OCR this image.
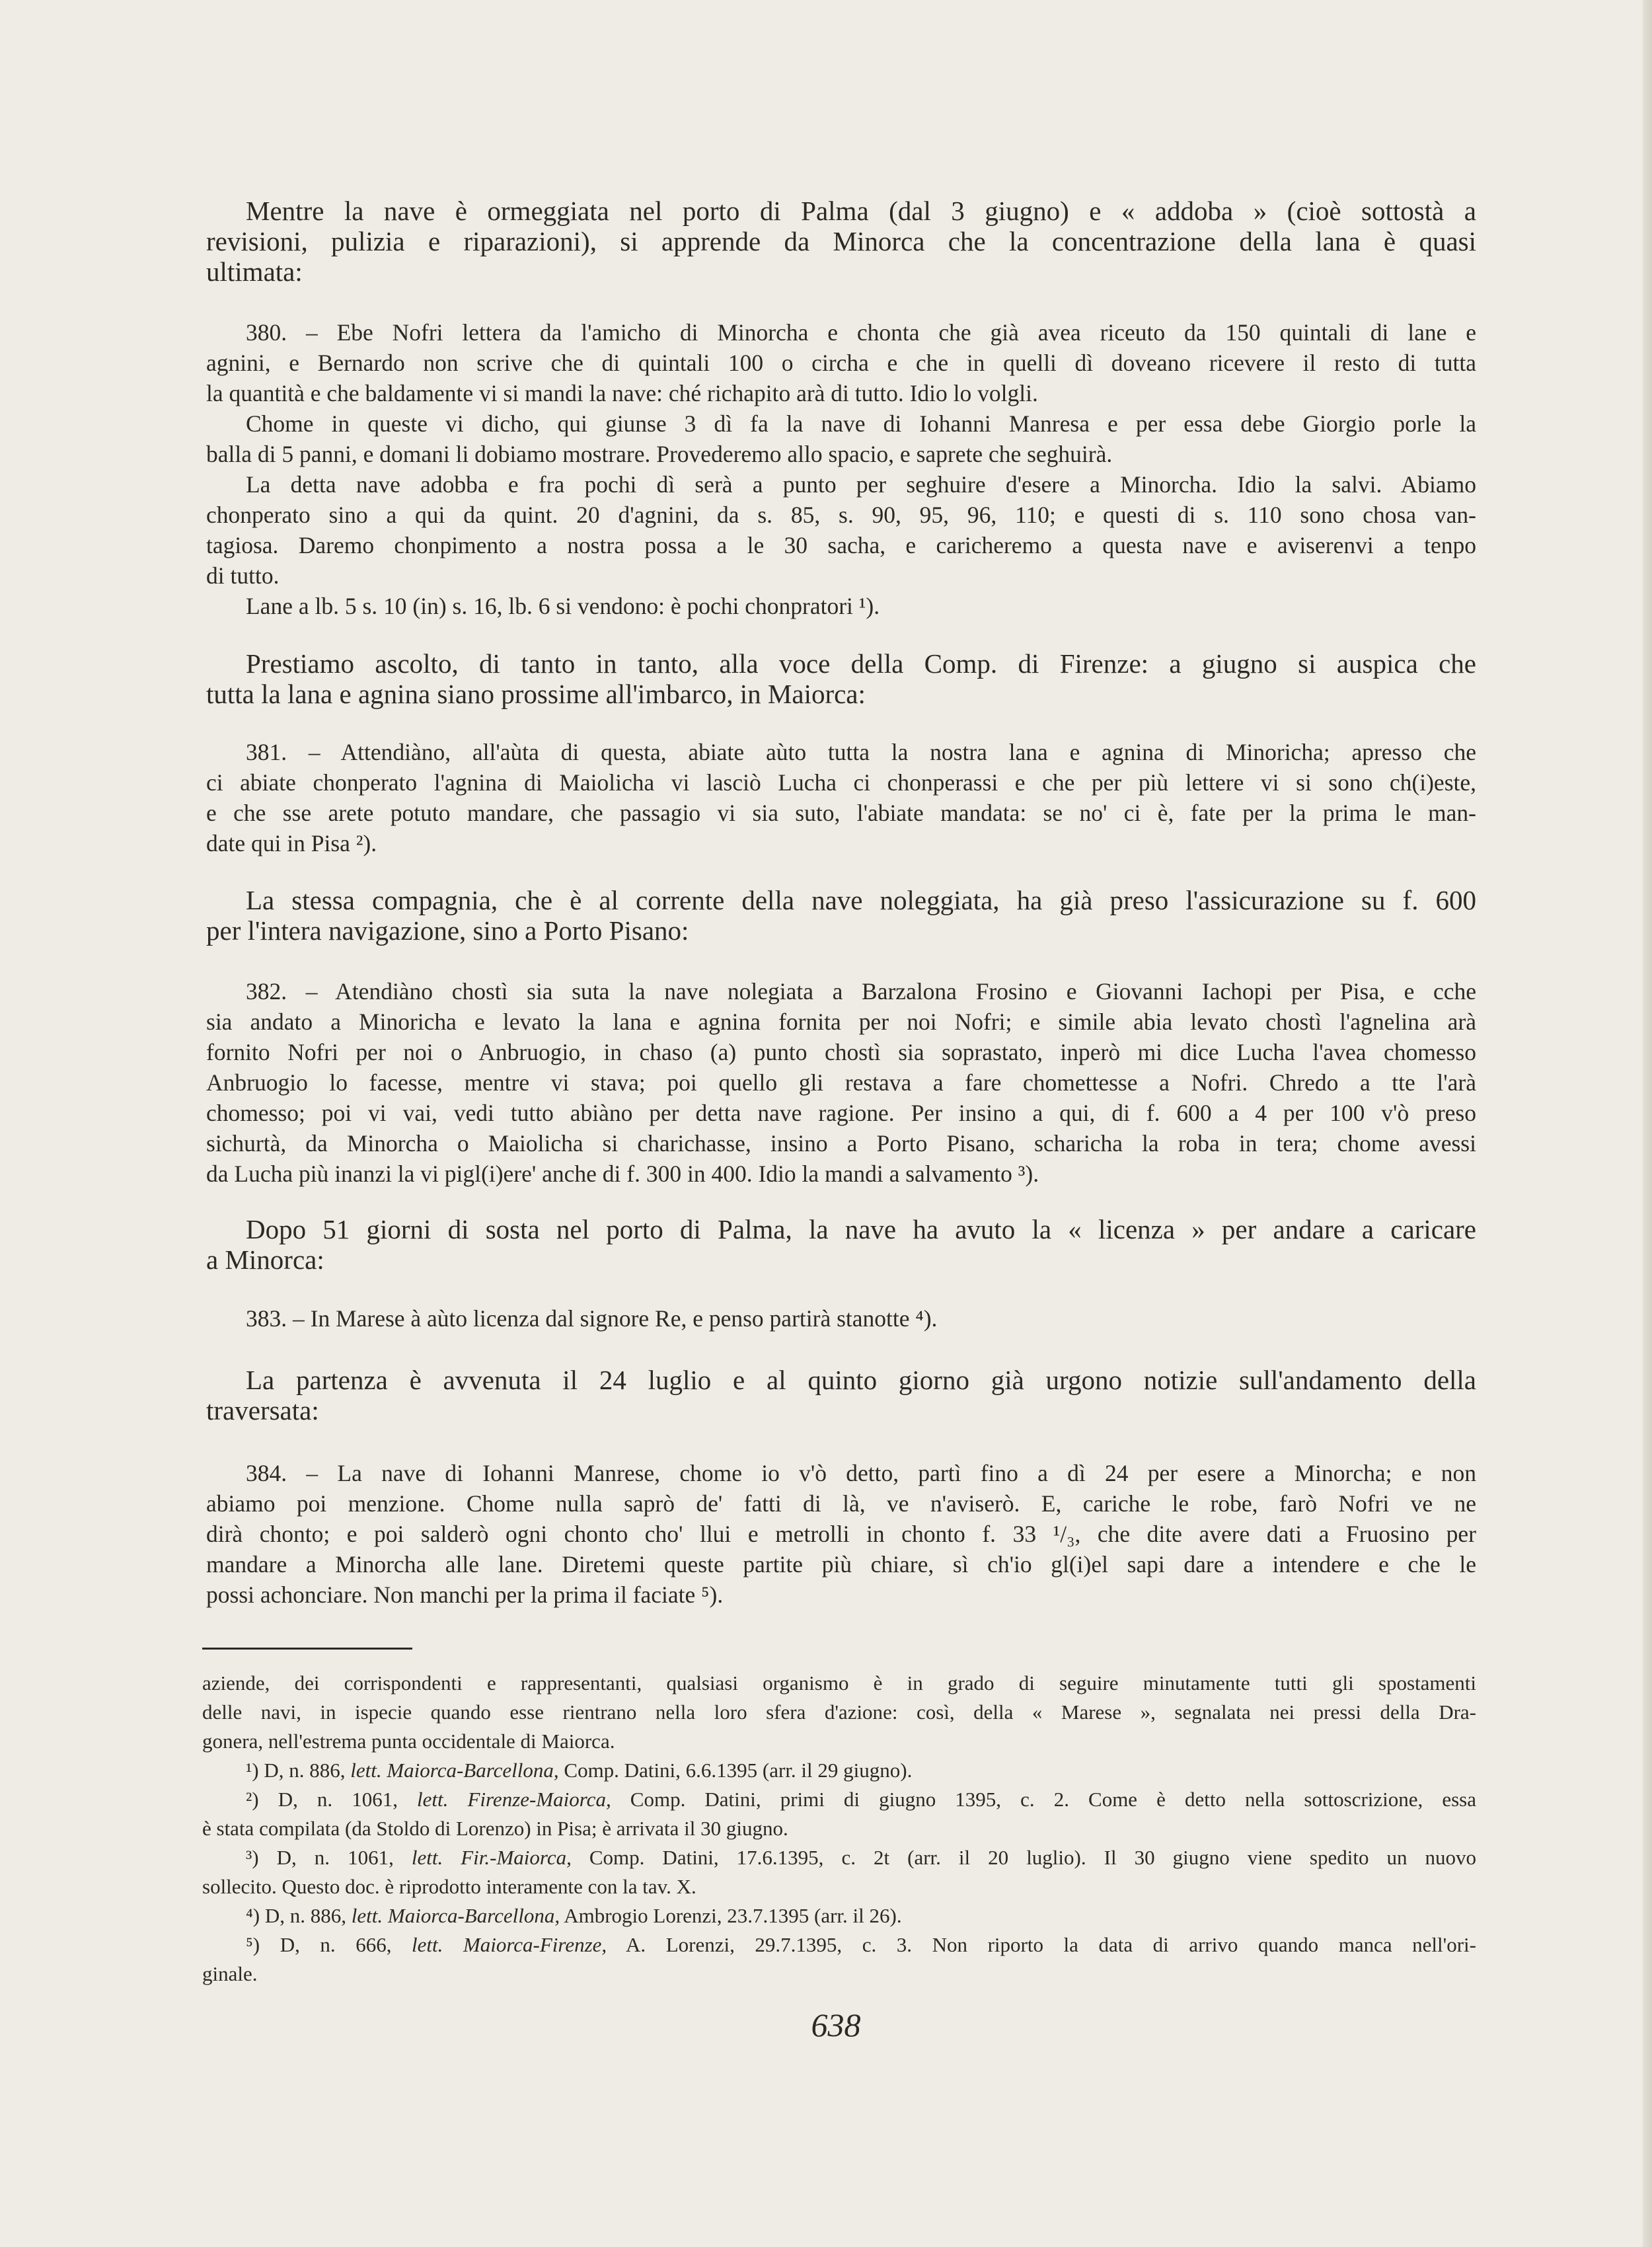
Mentre la nave è ormeggiata nel porto di Palma (dal 3 giugno) e « addoba » (cioè sottostà a
revisioni, pulizia e riparazioni), si apprende da Minorca che la concentrazione della lana è quasi
ultimata:
380. – Ebe Nofri lettera da l'amicho di Minorcha e chonta che già avea riceuto da 150 quintali di lane e
agnini, e Bernardo non scrive che di quintali 100 o circha e che in quelli dì doveano ricevere il resto di tutta
la quantità e che baldamente vi si mandi la nave: ché richapito arà di tutto. Idio lo volgli.
Chome in queste vi dicho, qui giunse 3 dì fa la nave di Iohanni Manresa e per essa debe Giorgio porle la
balla di 5 panni, e domani li dobiamo mostrare. Provederemo allo spacio, e saprete che seghuirà.
La detta nave adobba e fra pochi dì serà a punto per seghuire d'esere a Minorcha. Idio la salvi. Abiamo
chonperato sino a qui da quint. 20 d'agnini, da s. 85, s. 90, 95, 96, 110; e questi di s. 110 sono chosa van-
tagiosa. Daremo chonpimento a nostra possa a le 30 sacha, e caricheremo a questa nave e aviserenvi a tenpo
di tutto.
Lane a lb. 5 s. 10 (in) s. 16, lb. 6 si vendono: è pochi chonpratori ¹).
Prestiamo ascolto, di tanto in tanto, alla voce della Comp. di Firenze: a giugno si auspica che
tutta la lana e agnina siano prossime all'imbarco, in Maiorca:
381. – Attendiàno, all'aùta di questa, abiate aùto tutta la nostra lana e agnina di Minoricha; apresso che
ci abiate chonperato l'agnina di Maiolicha vi lasciò Lucha ci chonperassi e che per più lettere vi si sono ch(i)este,
e che sse arete potuto mandare, che passagio vi sia suto, l'abiate mandata: se no' ci è, fate per la prima le man-
date qui in Pisa ²).
La stessa compagnia, che è al corrente della nave noleggiata, ha già preso l'assicurazione su f. 600
per l'intera navigazione, sino a Porto Pisano:
382. – Atendiàno chostì sia suta la nave nolegiata a Barzalona Frosino e Giovanni Iachopi per Pisa, e cche
sia andato a Minoricha e levato la lana e agnina fornita per noi Nofri; e simile abia levato chostì l'agnelina arà
fornito Nofri per noi o Anbruogio, in chaso (a) punto chostì sia soprastato, inperò mi dice Lucha l'avea chomesso
Anbruogio lo facesse, mentre vi stava; poi quello gli restava a fare chomettesse a Nofri. Chredo a tte l'arà
chomesso; poi vi vai, vedi tutto abiàno per detta nave ragione. Per insino a qui, di f. 600 a 4 per 100 v'ò preso
sichurtà, da Minorcha o Maiolicha si charichasse, insino a Porto Pisano, scharicha la roba in tera; chome avessi
da Lucha più inanzi la vi pigl(i)ere' anche di f. 300 in 400. Idio la mandi a salvamento ³).
Dopo 51 giorni di sosta nel porto di Palma, la nave ha avuto la « licenza » per andare a caricare
a Minorca:
383. – In Marese à aùto licenza dal signore Re, e penso partirà stanotte ⁴).
La partenza è avvenuta il 24 luglio e al quinto giorno già urgono notizie sull'andamento della
traversata:
384. – La nave di Iohanni Manrese, chome io v'ò detto, partì fino a dì 24 per esere a Minorcha; e non
abiamo poi menzione. Chome nulla saprò de' fatti di là, ve n'aviserò. E, cariche le robe, farò Nofri ve ne
dirà chonto; e poi salderò ogni chonto cho' llui e metrolli in chonto f. 33 ¹/₃, che dite avere dati a Fruosino per
mandare a Minorcha alle lane. Diretemi queste partite più chiare, sì ch'io gl(i)el sapi dare a intendere e che le
possi achonciare. Non manchi per la prima il faciate ⁵).
aziende, dei corrispondenti e rappresentanti, qualsiasi organismo è in grado di seguire minutamente tutti gli spostamenti
delle navi, in ispecie quando esse rientrano nella loro sfera d'azione: così, della « Marese », segnalata nei pressi della Dra-
gonera, nell'estrema punta occidentale di Maiorca.
¹) D, n. 886, lett. Maiorca-Barcellona, Comp. Datini, 6.6.1395 (arr. il 29 giugno).
²) D, n. 1061, lett. Firenze-Maiorca, Comp. Datini, primi di giugno 1395, c. 2. Come è detto nella sottoscrizione, essa
è stata compilata (da Stoldo di Lorenzo) in Pisa; è arrivata il 30 giugno.
³) D, n. 1061, lett. Fir.-Maiorca, Comp. Datini, 17.6.1395, c. 2t (arr. il 20 luglio). Il 30 giugno viene spedito un nuovo
sollecito. Questo doc. è riprodotto interamente con la tav. X.
⁴) D, n. 886, lett. Maiorca-Barcellona, Ambrogio Lorenzi, 23.7.1395 (arr. il 26).
⁵) D, n. 666, lett. Maiorca-Firenze, A. Lorenzi, 29.7.1395, c. 3. Non riporto la data di arrivo quando manca nell'ori-
ginale.
638
